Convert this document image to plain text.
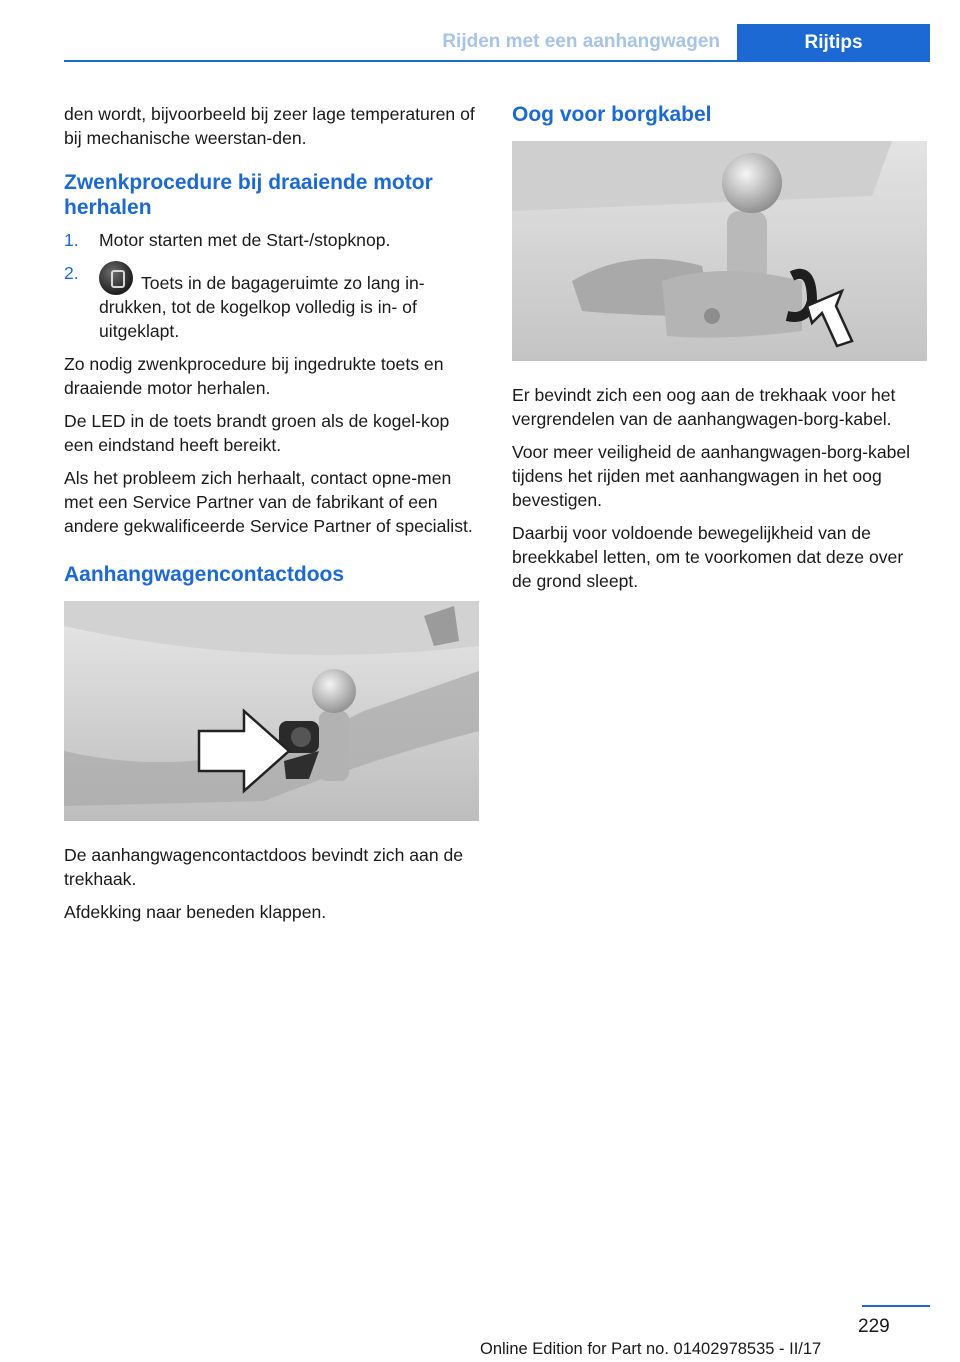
Rijden met een aanhangwagen	Rijtips

den wordt, bijvoorbeeld bij zeer lage temperaturen of bij mechanische weerstan-den.

Zwenkprocedure bij draaiende motor herhalen
1. Motor starten met de Start-/stopknop.
2.	Toets in de bagageruimte zo lang in-drukken, tot de kogelkop volledig is in- of uitgeklapt.

Zo nodig zwenkprocedure bij ingedrukte toets en draaiende motor herhalen.

De LED in de toets brandt groen als de kogel-kop een eindstand heeft bereikt.

Als het probleem zich herhaalt, contact opne-men met een Service Partner van de fabrikant of een andere gekwalificeerde Service Partner of specialist.

Aanhangwagencontactdoos

De aanhangwagencontactdoos bevindt zich aan de trekhaak.

Afdekking naar beneden klappen.

Oog voor borgkabel

Er bevindt zich een oog aan de trekhaak voor het vergrendelen van de aanhangwagen-borg-kabel.

Voor meer veiligheid de aanhangwagen-borg-kabel tijdens het rijden met aanhangwagen in het oog bevestigen.

Daarbij voor voldoende bewegelijkheid van de breekkabel letten, om te voorkomen dat deze over de grond sleept.

229
Online Edition for Part no. 01402978535 - II/17
